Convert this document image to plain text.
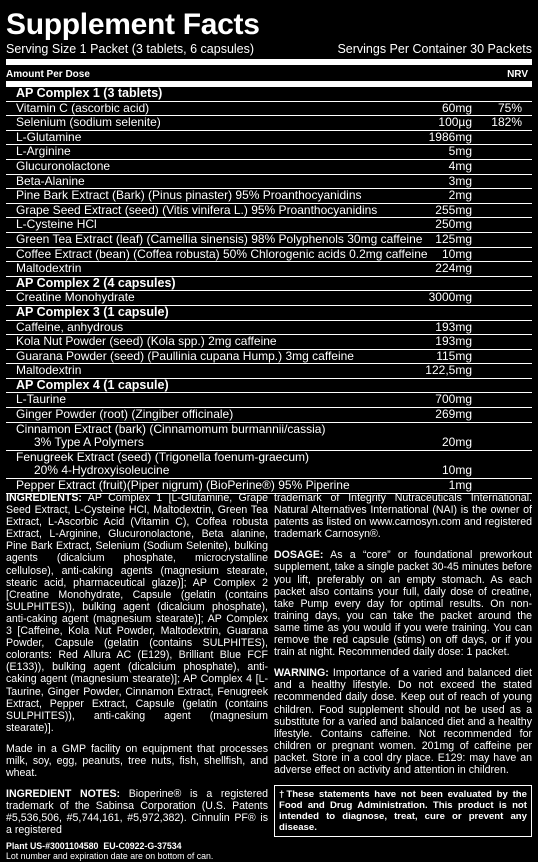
Supplement Facts
Serving Size 1 Packet (3 tablets, 6 capsules)	Servings Per Container 30 Packets
Amount Per Dose	NRV
AP Complex 1 (3 tablets)
Vitamin C (ascorbic acid)	60mg 75%
Selenium (sodium selenite)	100µg 182%
L-Glutamine	1986mg
L-Arginine	5mg
Glucuronolactone	4mg
Beta-Alanine	3mg
Pine Bark Extract (Bark) (Pinus pinaster) 95% Proanthocyanidins	2mg
Grape Seed Extract (seed) (Vitis vinifera L.) 95% Proanthocyanidins	255mg
L-Cysteine HCl	250mg
Green Tea Extract (leaf) (Camellia sinensis) 98% Polyphenols 30mg caffeine	125mg
Coffee Extract (bean) (Coffea robusta) 50% Chlorogenic acids 0.2mg caffeine	10mg
Maltodextrin	224mg
AP Complex 2 (4 capsules)
Creatine Monohydrate	3000mg
AP Complex 3 (1 capsule)
Caffeine, anhydrous	193mg
Kola Nut Powder (seed) (Kola spp.) 2mg caffeine	193mg
Guarana Powder (seed) (Paullinia cupana Hump.) 3mg caffeine	115mg
Maltodextrin	122,5mg
AP Complex 4 (1 capsule)
L-Taurine	700mg
Ginger Powder (root) (Zingiber officinale)	269mg
Cinnamon Extract (bark) (Cinnamomum burmannii/cassia)
3% Type A Polymers	20mg
Fenugreek Extract (seed) (Trigonella foenum-graecum)
20% 4-Hydroxyisoleucine	10mg
Pepper Extract (fruit)(Piper nigrum) (BioPerine®) 95% Piperine	1mg

INGREDIENTS: AP Complex 1 [L-Glutamine, Grape Seed Extract, L-Cysteine HCl, Maltodextrin, Green Tea Extract, L-Ascorbic Acid (Vitamin C), Coffea robusta Extract, L-Arginine, Glucuronolactone, Beta alanine, Pine Bark Extract, Selenium (Sodium Selenite), bulking agents (dicalcium phosphate, microcrystalline cellulose), anti-caking agents (magnesium stearate, stearic acid, pharmaceutical glaze)]; AP Complex 2 [Creatine Monohydrate, Capsule (gelatin (contains SULPHITES)), bulking agent (dicalcium phosphate), anti-caking agent (magnesium stearate)]; AP Complex 3 [Caffeine, Kola Nut Powder, Maltodextrin, Guarana Powder, Capsule (gelatin (contains SULPHITES), colorants: Red Allura AC (E129), Brilliant Blue FCF (E133)), bulking agent (dicalcium phosphate), anti-caking agent (magnesium stearate)]; AP Complex 4 [L-Taurine, Ginger Powder, Cinnamon Extract, Fenugreek Extract, Pepper Extract, Capsule (gelatin (contains SULPHITES)), anti-caking agent (magnesium stearate)].

Made in a GMP facility on equipment that processes milk, soy, egg, peanuts, tree nuts, fish, shellfish, and wheat.

INGREDIENT NOTES: Bioperine® is a registered trademark of the Sabinsa Corporation (U.S. Patents #5,536,506, #5,744,161, #5,972,382). Cinnulin PF® is a registered

Plant US-#3001104580 EU-C0922-G-37534
Lot number and expiration date are on bottom of can.

trademark of Integrity Nutraceuticals International. Natural Alternatives International (NAI) is the owner of patents as listed on www.carnosyn.com and registered trademark Carnosyn®.

DOSAGE: As a “core” or foundational preworkout supplement, take a single packet 30-45 minutes before you lift, preferably on an empty stomach. As each packet also contains your full, daily dose of creatine, take Pump every day for optimal results. On non-training days, you can take the packet around the same time as you would if you were training. You can remove the red capsule (stims) on off days, or if you train at night. Recommended daily dose: 1 packet.

WARNING: Importance of a varied and balanced diet and a healthy lifestyle. Do not exceed the stated recommended daily dose. Keep out of reach of young children. Food supplement should not be used as a substitute for a varied and balanced diet and a healthy lifestyle. Contains caffeine. Not recommended for children or pregnant women. 201mg of caffeine per packet. Store in a cool dry place. E129: may have an adverse effect on activity and attention in children.

†These statements have not been evaluated by the Food and Drug Administration. This product is not intended to diagnose, treat, cure or prevent any disease.
